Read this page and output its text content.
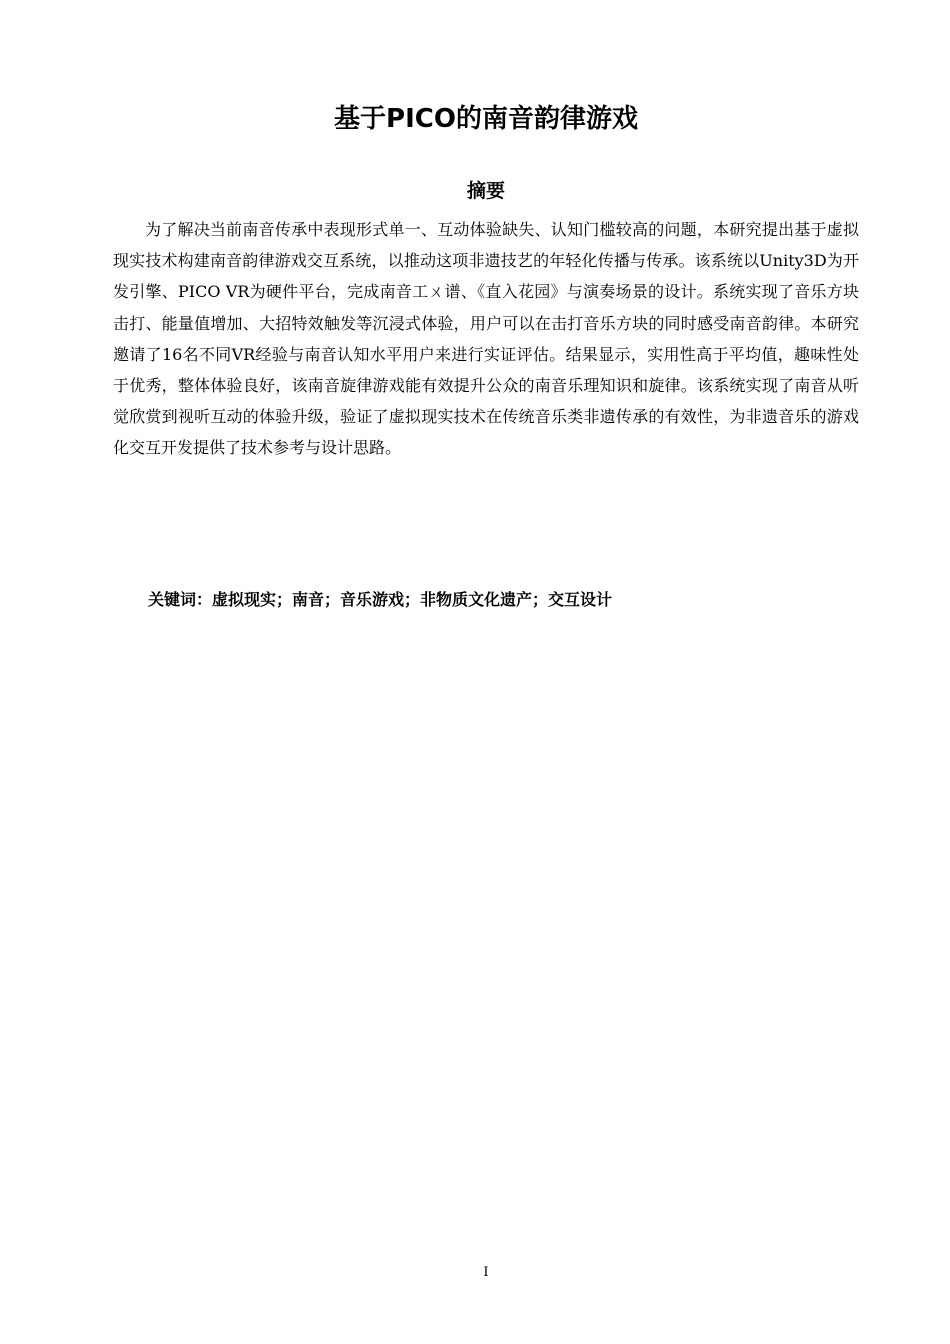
基于PICO的南音韵律游戏
摘要

为了解决当前南音传承中表现形式单一、互动体验缺失、认知门槛较高的问题，本研究提出基于虚拟现实技术构建南音韵律游戏交互系统，以推动这项非遗技艺的年轻化传播与传承。该系统以Unity3D为开发引擎、PICO VR为硬件平台，完成南音工ㄨ谱、《直入花园》与演奏场景的设计。系统实现了音乐方块击打、能量值增加、大招特效触发等沉浸式体验，用户可以在击打音乐方块的同时感受南音韵律。本研究邀请了16名不同VR经验与南音认知水平用户来进行实证评估。结果显示，实用性高于平均值，趣味性处于优秀，整体体验良好，该南音旋律游戏能有效提升公众的南音乐理知识和旋律。该系统实现了南音从听觉欣赏到视听互动的体验升级，验证了虚拟现实技术在传统音乐类非遗传承的有效性，为非遗音乐的游戏化交互开发提供了技术参考与设计思路。

关键词：虚拟现实；南音；音乐游戏；非物质文化遗产；交互设计

I
